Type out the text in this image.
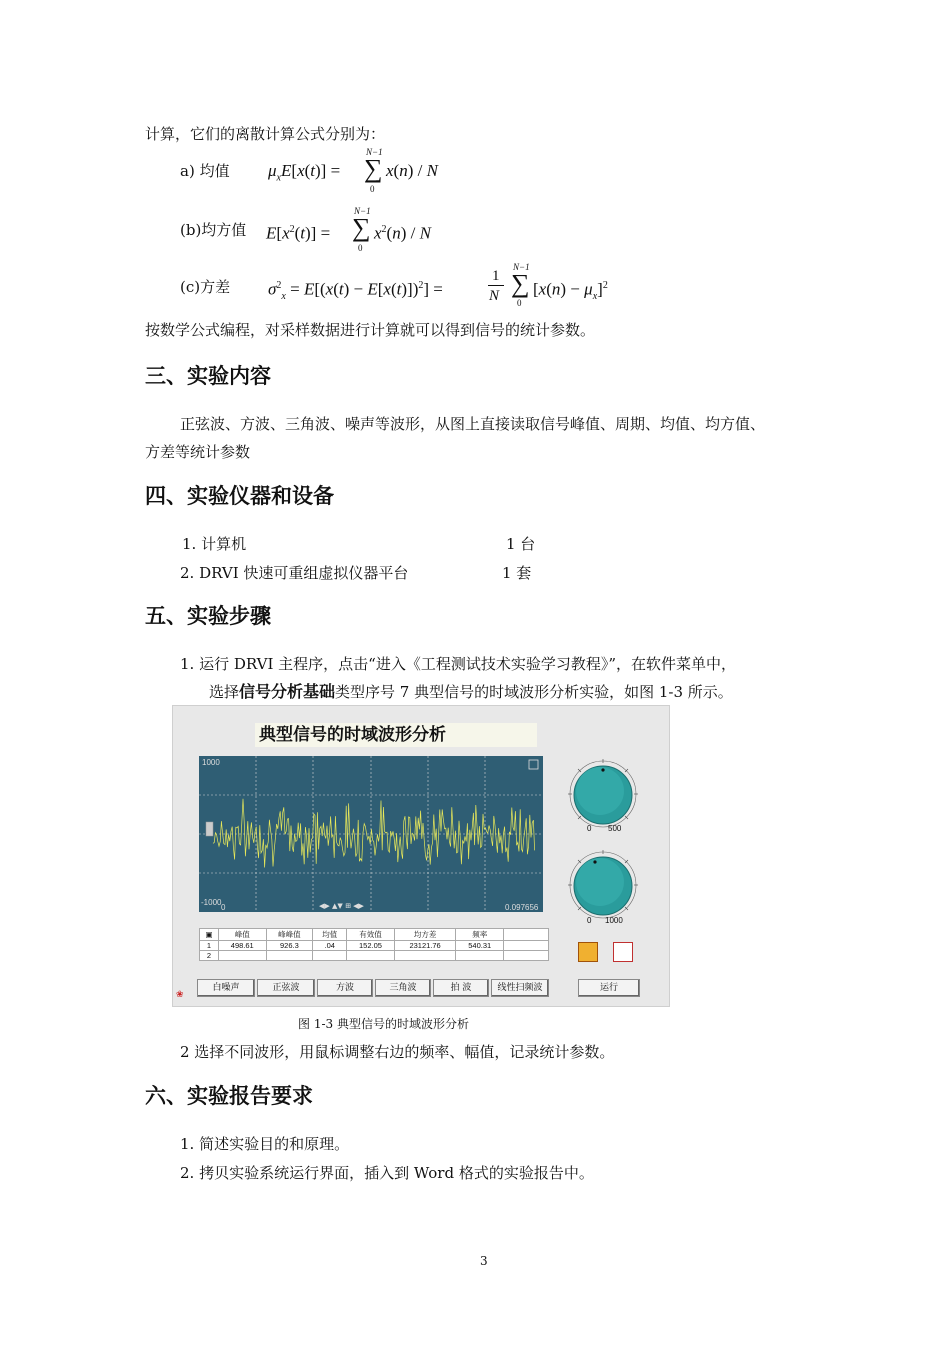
计算，它们的离散计算公式分别为：
a) 均值 $\mu_xE[x(t)]$ =
N−1
∑
0
x(n) / N
(b)均方值 $E[x^2(t)]$ =
N−1
∑
0
$x^2(n)$ / N
(c)方差 $\sigma^2_x = E[(x(t) - E[x(t)])^2]$ =
1
N
N−1
∑
0
$[x(n) - \mu_x]^2$
按数学公式编程，对采样数据进行计算就可以得到信号的统计参数。
三、实验内容
正弦波、方波、三角波、噪声等波形，从图上直接读取信号峰值、周期、均值、均方值、
方差等统计参数
四、实验仪器和设备
1. 计算机	1 台
2. DRVI 快速可重组虚拟仪器平台	1 套
五、实验步骤
1. 运行 DRVI 主程序，点击“进入《工程测试技术实验学习教程》”，在软件菜单中，
选择信号分析基础类型序号 7 典型信号的时域波形分析实验，如图 1-3 所示。
典型信号的时域波形分析
◀▶ ▲▼ ⊞ ◀▶
1000
-1000
0	0.097656
▣	峰值	峰峰值	均值	有效值	均方差	频率	
1	498.61	926.3	.04	152.05	23121.76	540.31	
2							
0 500
0 1000
白噪声	正弦波	方波	三角波	拍 波	线性扫频波	运行
❀
图 1-3 典型信号的时域波形分析
2 选择不同波形，用鼠标调整右边的频率、幅值，记录统计参数。
六、实验报告要求
1. 简述实验目的和原理。
2. 拷贝实验系统运行界面，插入到 Word 格式的实验报告中。
3
